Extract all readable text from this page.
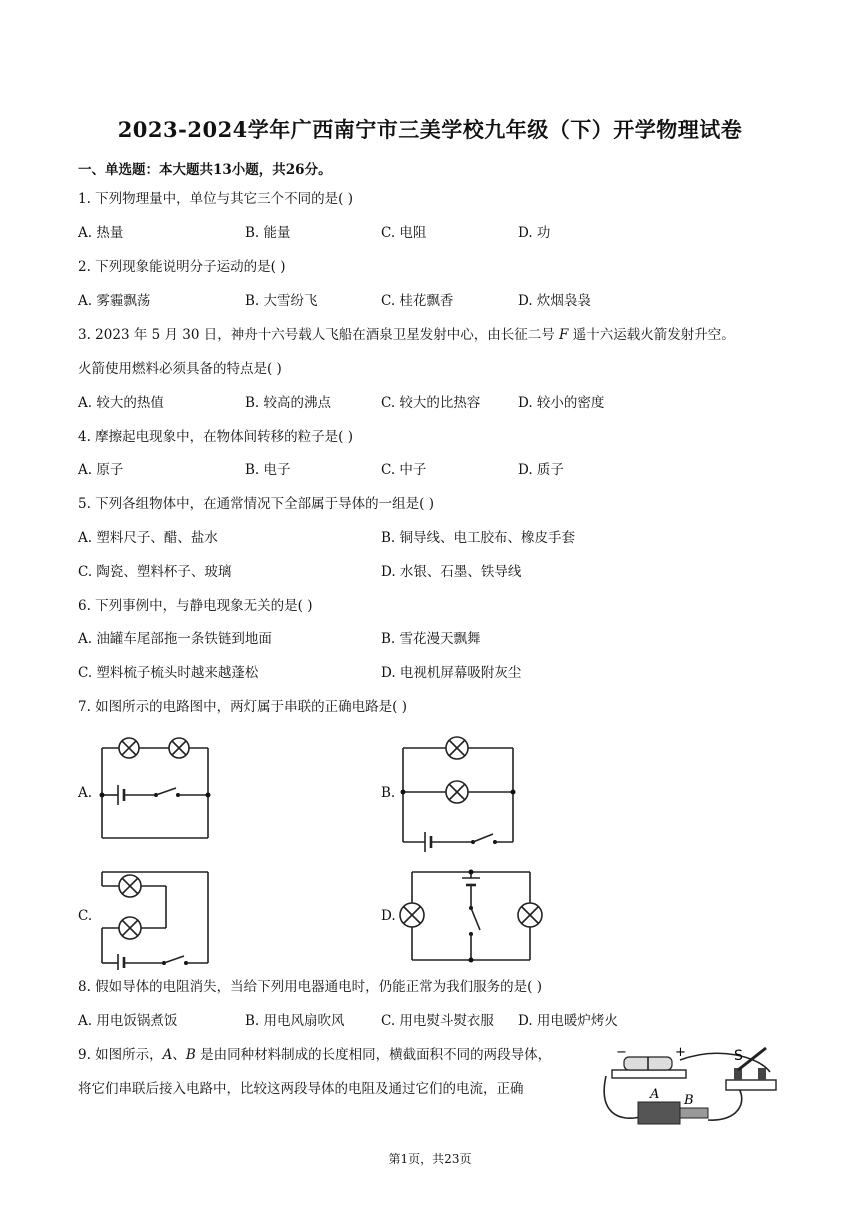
2023-2024学年广西南宁市三美学校九年级（下）开学物理试卷
一、单选题：本大题共13小题，共26分。
1. 下列物理量中，单位与其它三个不同的是( )
A. 热量	B. 能量	C. 电阻	D. 功
2. 下列现象能说明分子运动的是( )
A. 雾霾飘荡	B. 大雪纷飞	C. 桂花飘香	D. 炊烟袅袅
3. 2023 年 5 月 30 日，神舟十六号载人飞船在酒泉卫星发射中心，由长征二号 𝐹 遥十六运载火箭发射升空。
火箭使用燃料必须具备的特点是( )
A. 较大的热值	B. 较高的沸点	C. 较大的比热容	D. 较小的密度
4. 摩擦起电现象中，在物体间转移的粒子是( )
A. 原子	B. 电子	C. 中子	D. 质子
5. 下列各组物体中，在通常情况下全部属于导体的一组是( )
A. 塑料尺子、醋、盐水	B. 铜导线、电工胶布、橡皮手套
C. 陶瓷、塑料杯子、玻璃	D. 水银、石墨、铁导线
6. 下列事例中，与静电现象无关的是( )
A. 油罐车尾部拖一条铁链到地面	B. 雪花漫天飘舞
C. 塑料梳子梳头时越来越蓬松	D. 电视机屏幕吸附灰尘
7. 如图所示的电路图中，两灯属于串联的正确电路是( )
A.	B.
C.	D.
8. 假如导体的电阻消失，当给下列用电器通电时，仍能正常为我们服务的是( )
A. 用电饭锅煮饭	B. 用电风扇吹风	C. 用电熨斗熨衣服 D. 用电暖炉烤火
9. 如图所示，𝐴、𝐵 是由同种材料制成的长度相同，横截面积不同的两段导体，
将它们串联后接入电路中，比较这两段导体的电阻及通过它们的电流，正确
−	+	S
A B
第1页，共23页
